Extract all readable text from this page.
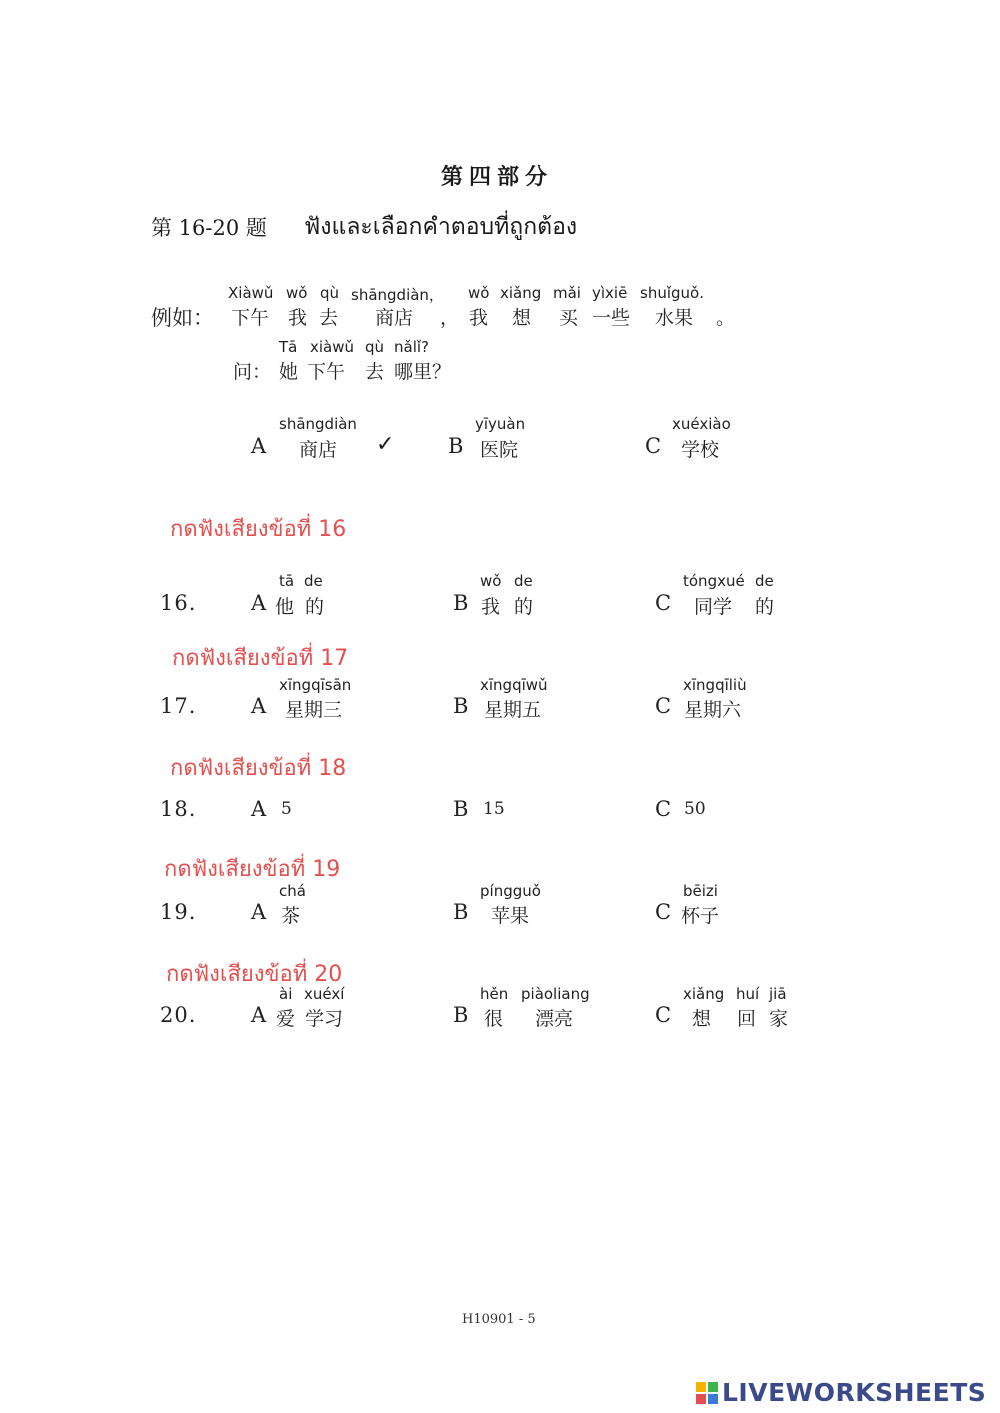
第四部分
第 16-20 题 ฟังและเลือกคำตอบที่ถูกต้อง
Xiàwǔ wǒ qù shāngdiàn， wǒ xiǎng mǎi yìxiē shuǐguǒ.
例如： 下午 我 去 商店 ， 我 想 买 一些 水果 。
Tā xiàwǔ qù nǎlǐ?
问： 她 下午 去 哪里？
shāngdiàn
A 商店 ✓
yīyuàn
B 医院
xuéxiào
C 学校
กดฟังเสียงข้อที่ 16
tā de	wǒ de	tóngxué de
16.	A 他 的	B 我 的	C 同学 的
กดฟังเสียงข้อที่ 17
xīngqīsān	xīngqīwǔ	xīngqīliù
17.	A 星期三	B 星期五	C 星期六
กดฟังเสียงข้อที่ 18
18.	A 5	B 15	C 50
กดฟังเสียงข้อที่ 19
chá	píngguǒ	bēizi
19.	A 茶	B 苹果	C 杯子
กดฟังเสียงข้อที่ 20
ài xuéxí	hěn piàoliang	xiǎng huí jiā
20.	A 爱 学习	B 很 漂亮	C 想 回 家
H10901 - 5
LIVEWORKSHEETS
